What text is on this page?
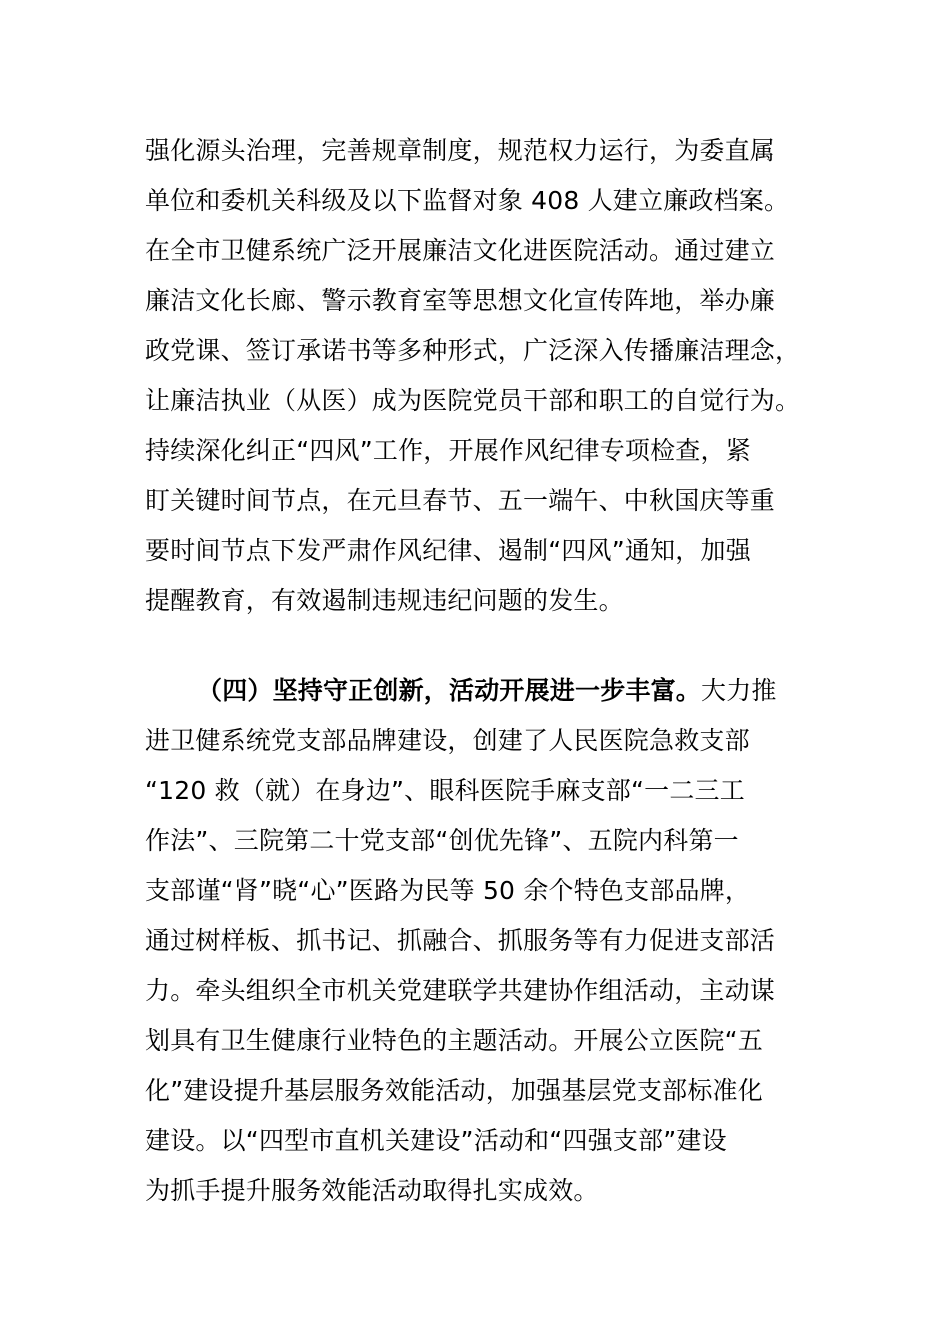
强化源头治理，完善规章制度，规范权力运行，为委直属
单位和委机关科级及以下监督对象 408 人建立廉政档案。
在全市卫健系统广泛开展廉洁文化进医院活动。通过建立
廉洁文化长廊、警示教育室等思想文化宣传阵地，举办廉
政党课、签订承诺书等多种形式，广泛深入传播廉洁理念，
让廉洁执业（从医）成为医院党员干部和职工的自觉行为。
持续深化纠正“四风”工作，开展作风纪律专项检查，紧
盯关键时间节点，在元旦春节、五一端午、中秋国庆等重
要时间节点下发严肃作风纪律、遏制“四风”通知，加强
提醒教育，有效遏制违规违纪问题的发生。
（四）坚持守正创新，活动开展进一步丰富。大力推
进卫健系统党支部品牌建设，创建了人民医院急救支部
“120 救（就）在身边”、眼科医院手麻支部“一二三工
作法”、三院第二十党支部“创优先锋”、五院内科第一
支部谨“肾”晓“心”医路为民等 50 余个特色支部品牌，
通过树样板、抓书记、抓融合、抓服务等有力促进支部活
力。牵头组织全市机关党建联学共建协作组活动，主动谋
划具有卫生健康行业特色的主题活动。开展公立医院“五
化”建设提升基层服务效能活动，加强基层党支部标准化
建设。以“四型市直机关建设”活动和“四强支部”建设
为抓手提升服务效能活动取得扎实成效。
